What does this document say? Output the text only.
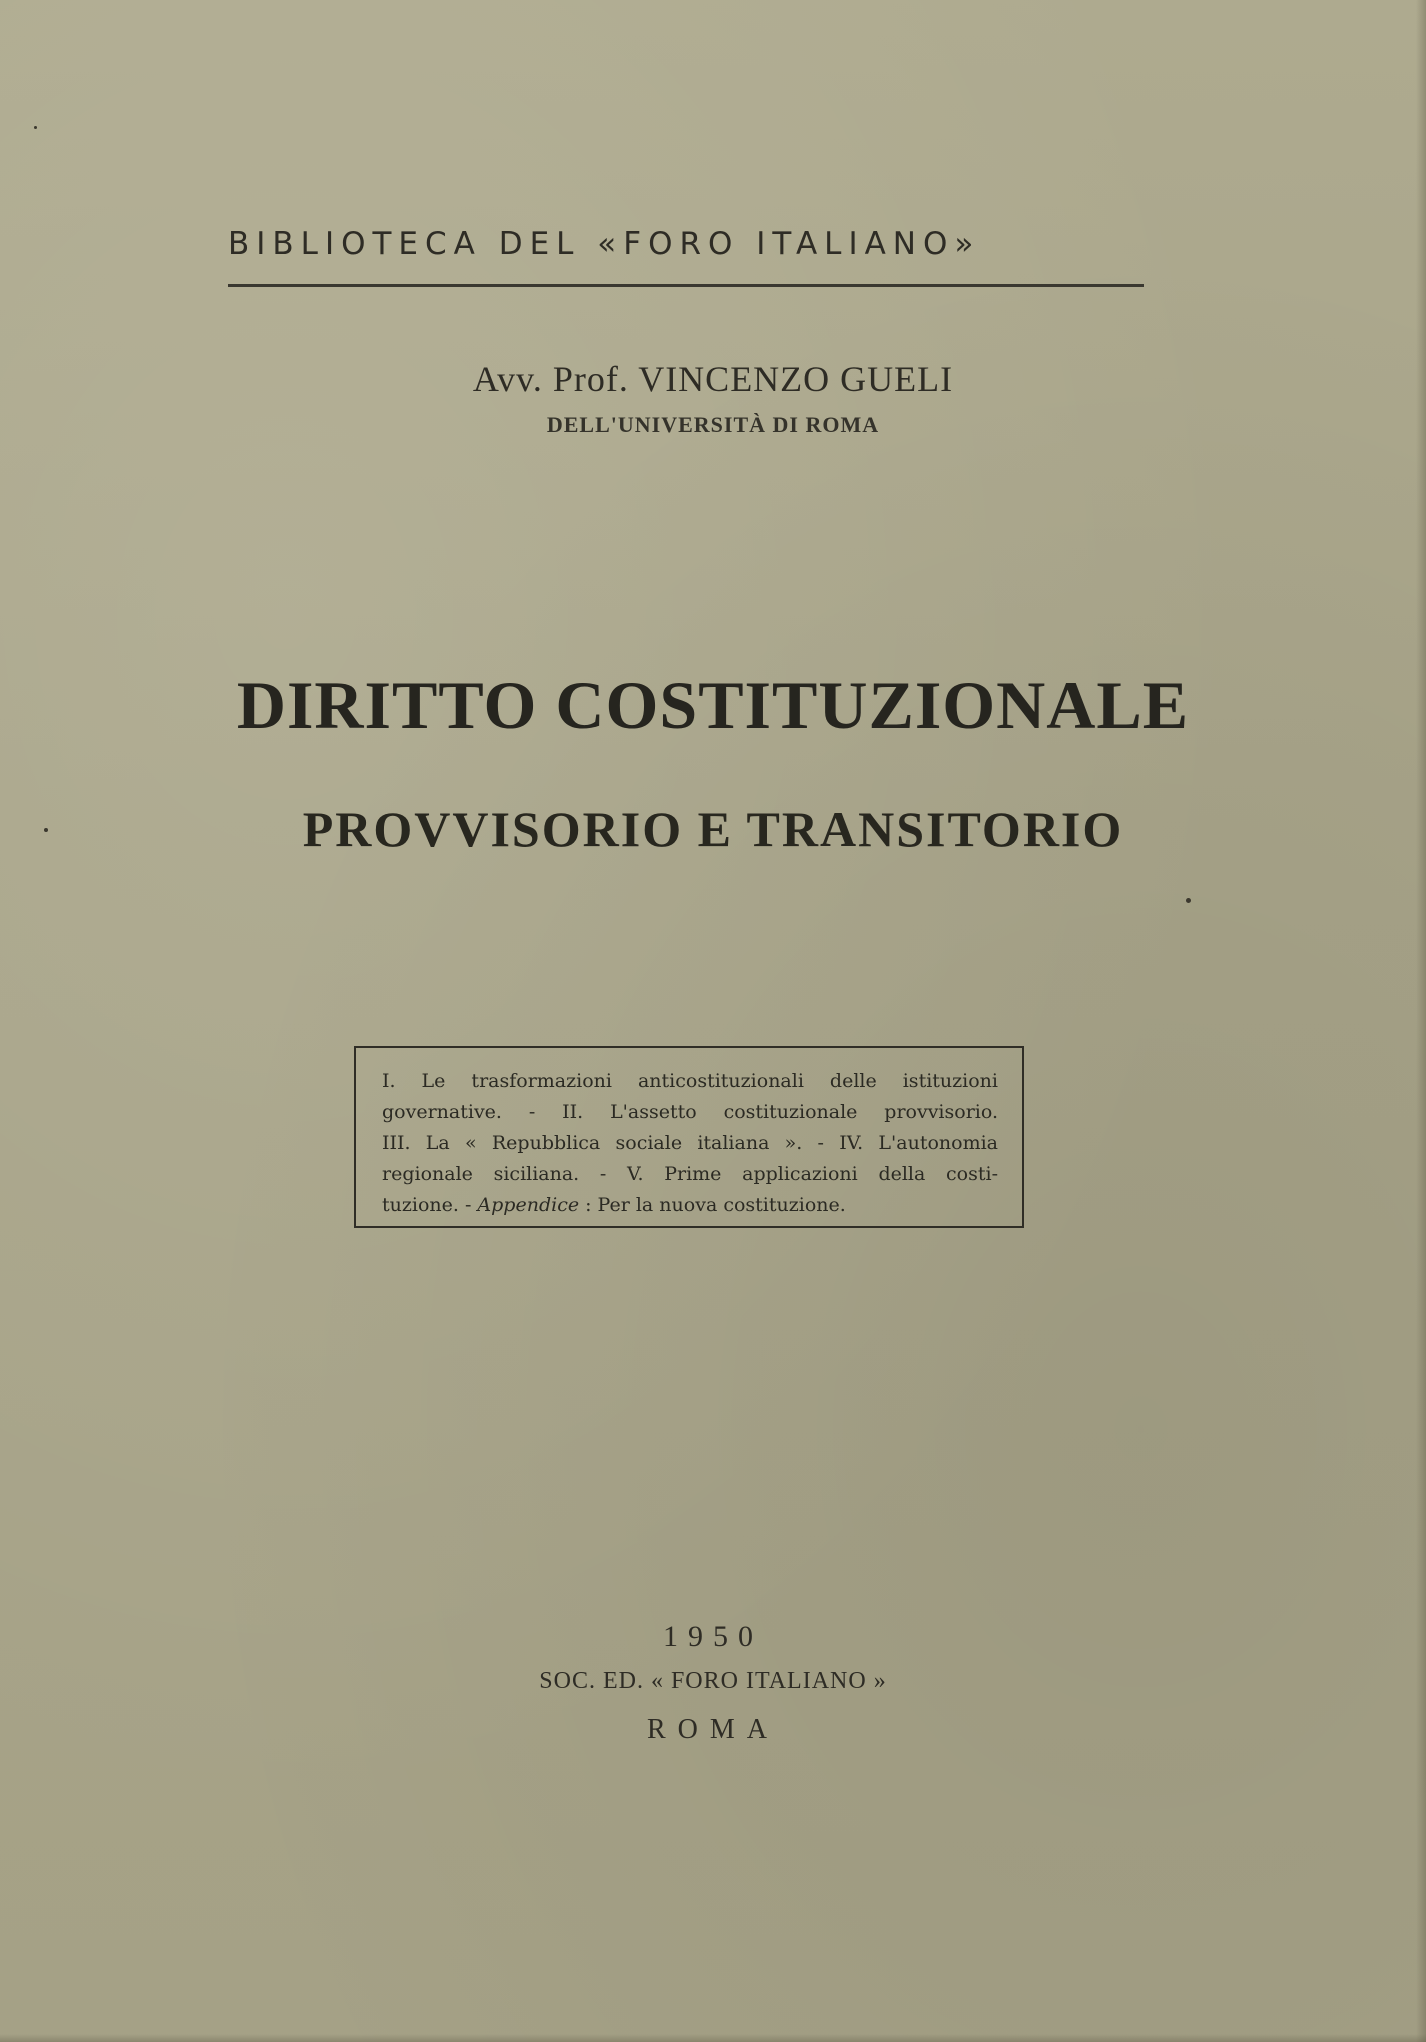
BIBLIOTECA DEL «FORO ITALIANO»
Avv. Prof. VINCENZO GUELI
DELL'UNIVERSITÀ DI ROMA
DIRITTO COSTITUZIONALE
PROVVISORIO E TRANSITORIO
I. Le trasformazioni anticostituzionali delle istituzioni
governative. - II. L'assetto costituzionale provvisorio.
III. La « Repubblica sociale italiana ». - IV. L'autonomia
regionale siciliana. - V. Prime applicazioni della costi-
tuzione. - Appendice : Per la nuova costituzione.
1950
SOC. ED. « FORO ITALIANO »
ROMA
